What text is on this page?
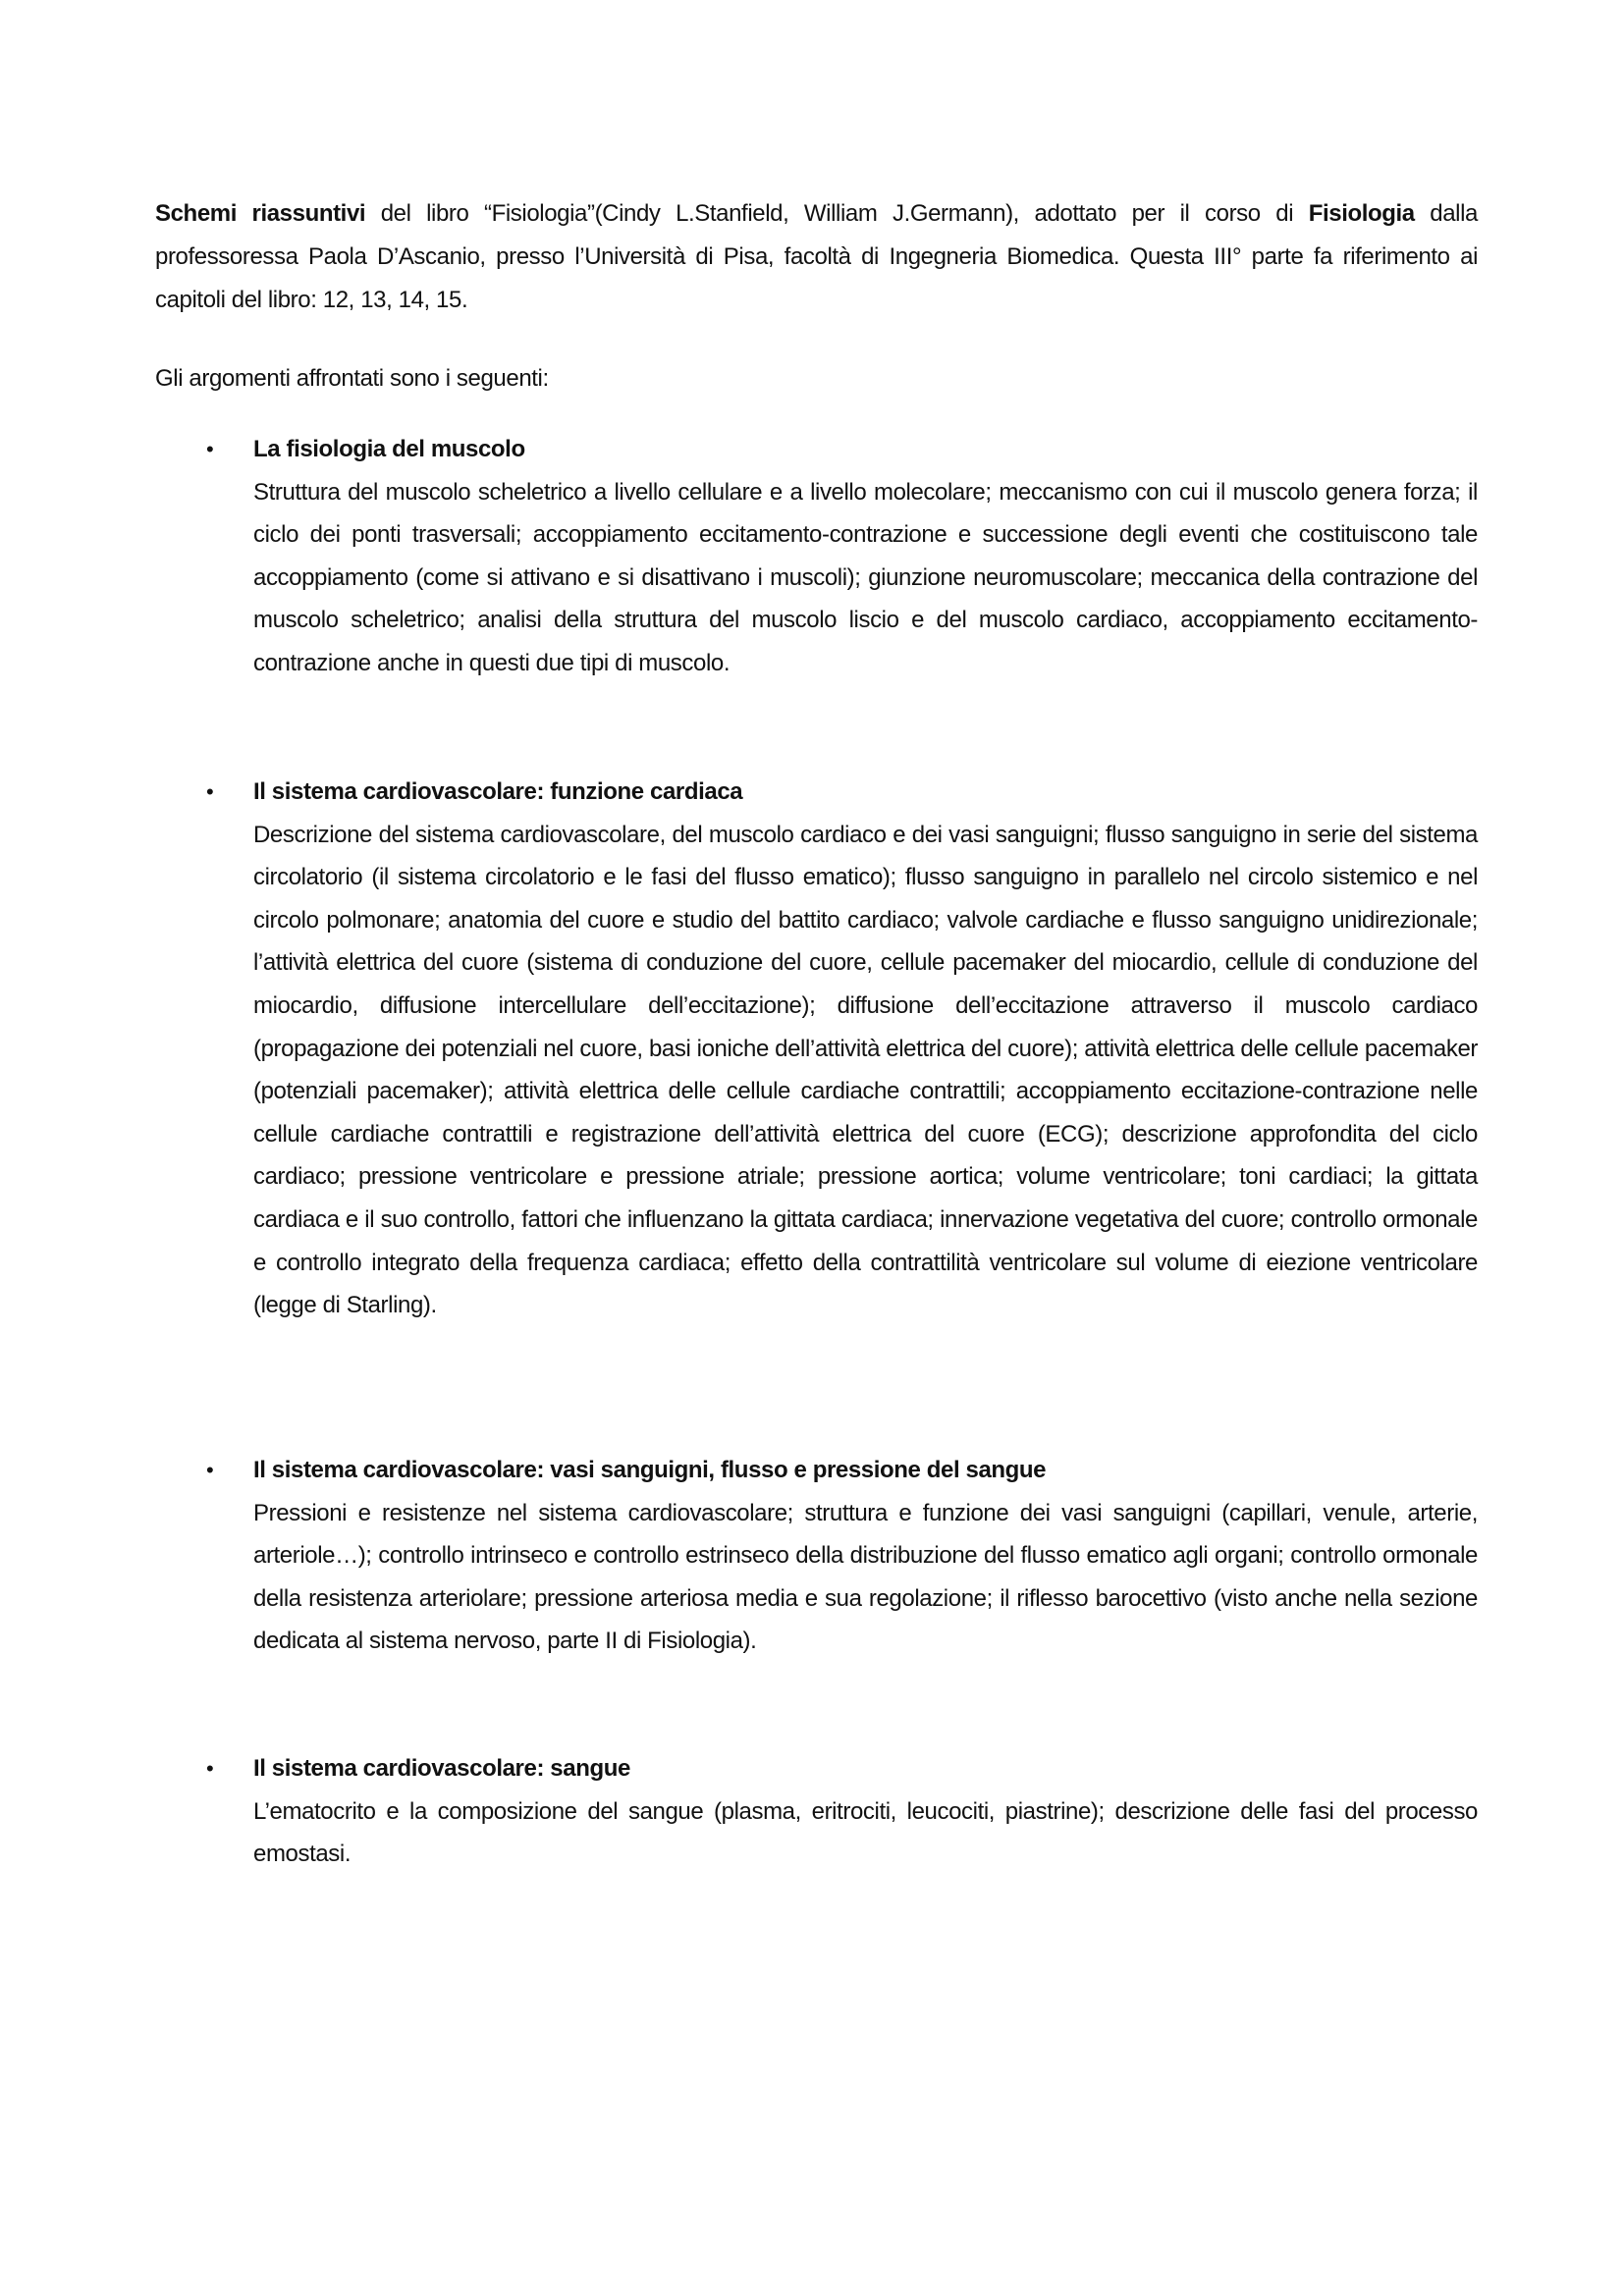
Schemi riassuntivi del libro “Fisiologia”(Cindy L.Stanfield, William J.Germann), adottato per il corso di Fisiologia dalla professoressa Paola D’Ascanio, presso l’Università di Pisa, facoltà di Ingegneria Biomedica. Questa III° parte fa riferimento ai capitoli del libro: 12, 13, 14, 15.
Gli argomenti affrontati sono i seguenti:
• La fisiologia del muscolo
Struttura del muscolo scheletrico a livello cellulare e a livello molecolare; meccanismo con cui il muscolo genera forza; il ciclo dei ponti trasversali; accoppiamento eccitamento-contrazione e successione degli eventi che costituiscono tale accoppiamento (come si attivano e si disattivano i muscoli); giunzione neuromuscolare; meccanica della contrazione del muscolo scheletrico; analisi della struttura del muscolo liscio e del muscolo cardiaco, accoppiamento eccitamento-contrazione anche in questi due tipi di muscolo.
• Il sistema cardiovascolare: funzione cardiaca
Descrizione del sistema cardiovascolare, del muscolo cardiaco e dei vasi sanguigni; flusso sanguigno in serie del sistema circolatorio (il sistema circolatorio e le fasi del flusso ematico); flusso sanguigno in parallelo nel circolo sistemico e nel circolo polmonare; anatomia del cuore e studio del battito cardiaco; valvole cardiache e flusso sanguigno unidirezionale; l’attività elettrica del cuore (sistema di conduzione del cuore, cellule pacemaker del miocardio, cellule di conduzione del miocardio, diffusione intercellulare dell’eccitazione); diffusione dell’eccitazione attraverso il muscolo cardiaco (propagazione dei potenziali nel cuore, basi ioniche dell’attività elettrica del cuore); attività elettrica delle cellule pacemaker (potenziali pacemaker); attività elettrica delle cellule cardiache contrattili; accoppiamento eccitazione-contrazione nelle cellule cardiache contrattili e registrazione dell’attività elettrica del cuore (ECG); descrizione approfondita del ciclo cardiaco; pressione ventricolare e pressione atriale; pressione aortica; volume ventricolare; toni cardiaci; la gittata cardiaca e il suo controllo, fattori che influenzano la gittata cardiaca; innervazione vegetativa del cuore; controllo ormonale e controllo integrato della frequenza cardiaca; effetto della contrattilità ventricolare sul volume di eiezione ventricolare (legge di Starling).
• Il sistema cardiovascolare: vasi sanguigni, flusso e pressione del sangue
Pressioni e resistenze nel sistema cardiovascolare; struttura e funzione dei vasi sanguigni (capillari, venule, arterie, arteriole…); controllo intrinseco e controllo estrinseco della distribuzione del flusso ematico agli organi; controllo ormonale della resistenza arteriolare; pressione arteriosa media e sua regolazione; il riflesso barocettivo (visto anche nella sezione dedicata al sistema nervoso, parte II di Fisiologia).
• Il sistema cardiovascolare: sangue
L’ematocrito e la composizione del sangue (plasma, eritrociti, leucociti, piastrine); descrizione delle fasi del processo emostasi.
